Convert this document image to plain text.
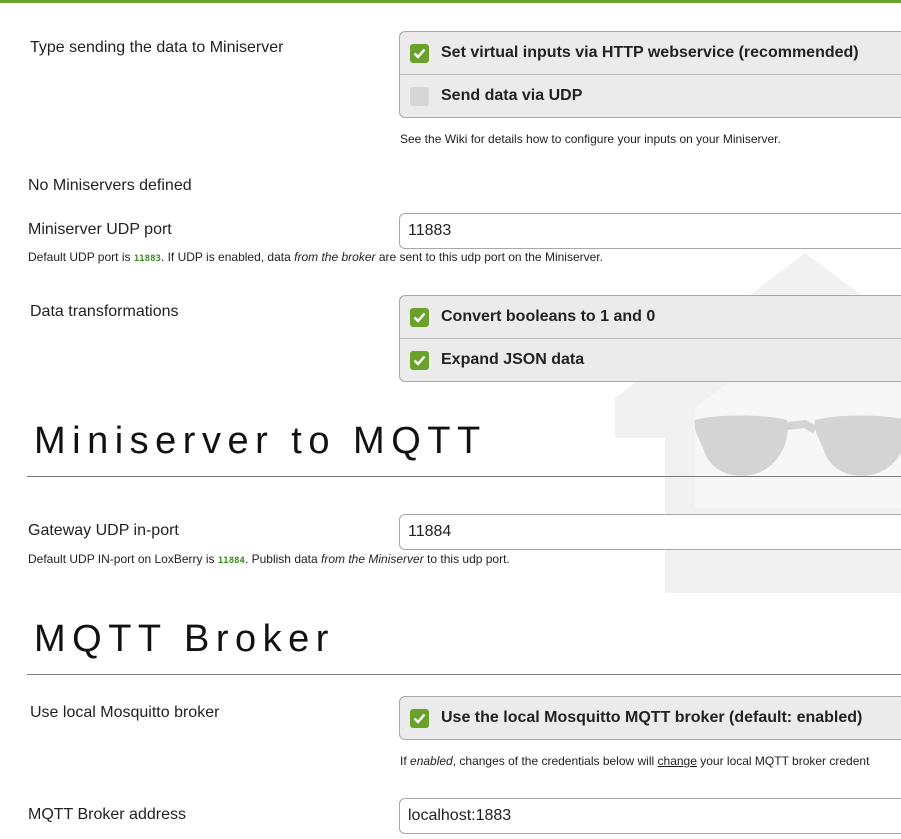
Type sending the data to Miniserver	Set virtual inputs via HTTP webservice (recommended)
Send data via UDP
See the Wiki for details how to configure your inputs on your Miniserver.
No Miniservers defined
Miniserver UDP port	11883
Default UDP port is 11883. If UDP is enabled, data from the broker are sent to this udp port on the Miniserver.
Data transformations	Convert booleans to 1 and 0
Expand JSON data
Miniserver to MQTT
Gateway UDP in-port	11884
Default UDP IN-port on LoxBerry is 11884. Publish data from the Miniserver to this udp port.
MQTT Broker
Use local Mosquitto broker	Use the local Mosquitto MQTT broker (default: enabled)
If enabled, changes of the credentials below will change your local MQTT broker credent
MQTT Broker address	localhost:1883
